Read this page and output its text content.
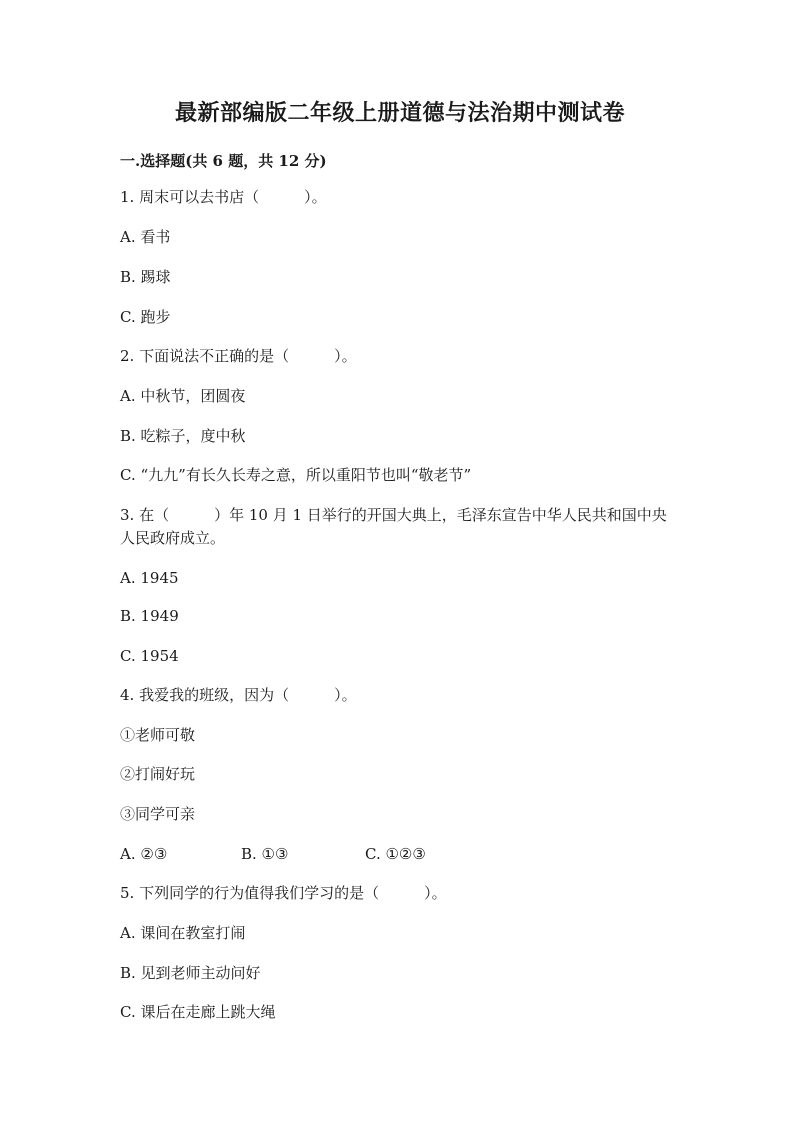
最新部编版二年级上册道德与法治期中测试卷
一.选择题(共 6 题，共 12 分)
1. 周末可以去书店（　　　）。
A. 看书
B. 踢球
C. 跑步
2. 下面说法不正确的是（　　　）。
A. 中秋节，团圆夜
B. 吃粽子，度中秋
C. “九九”有长久长寿之意，所以重阳节也叫“敬老节”
3. 在（　　　）年 10 月 1 日举行的开国大典上，毛泽东宣告中华人民共和国中央人民政府成立。
A. 1945
B. 1949
C. 1954
4. 我爱我的班级，因为（　　　）。
①老师可敬
②打闹好玩
③同学可亲
A. ②③	B. ①③	C. ①②③
5. 下列同学的行为值得我们学习的是（　　　）。
A. 课间在教室打闹
B. 见到老师主动问好
C. 课后在走廊上跳大绳
